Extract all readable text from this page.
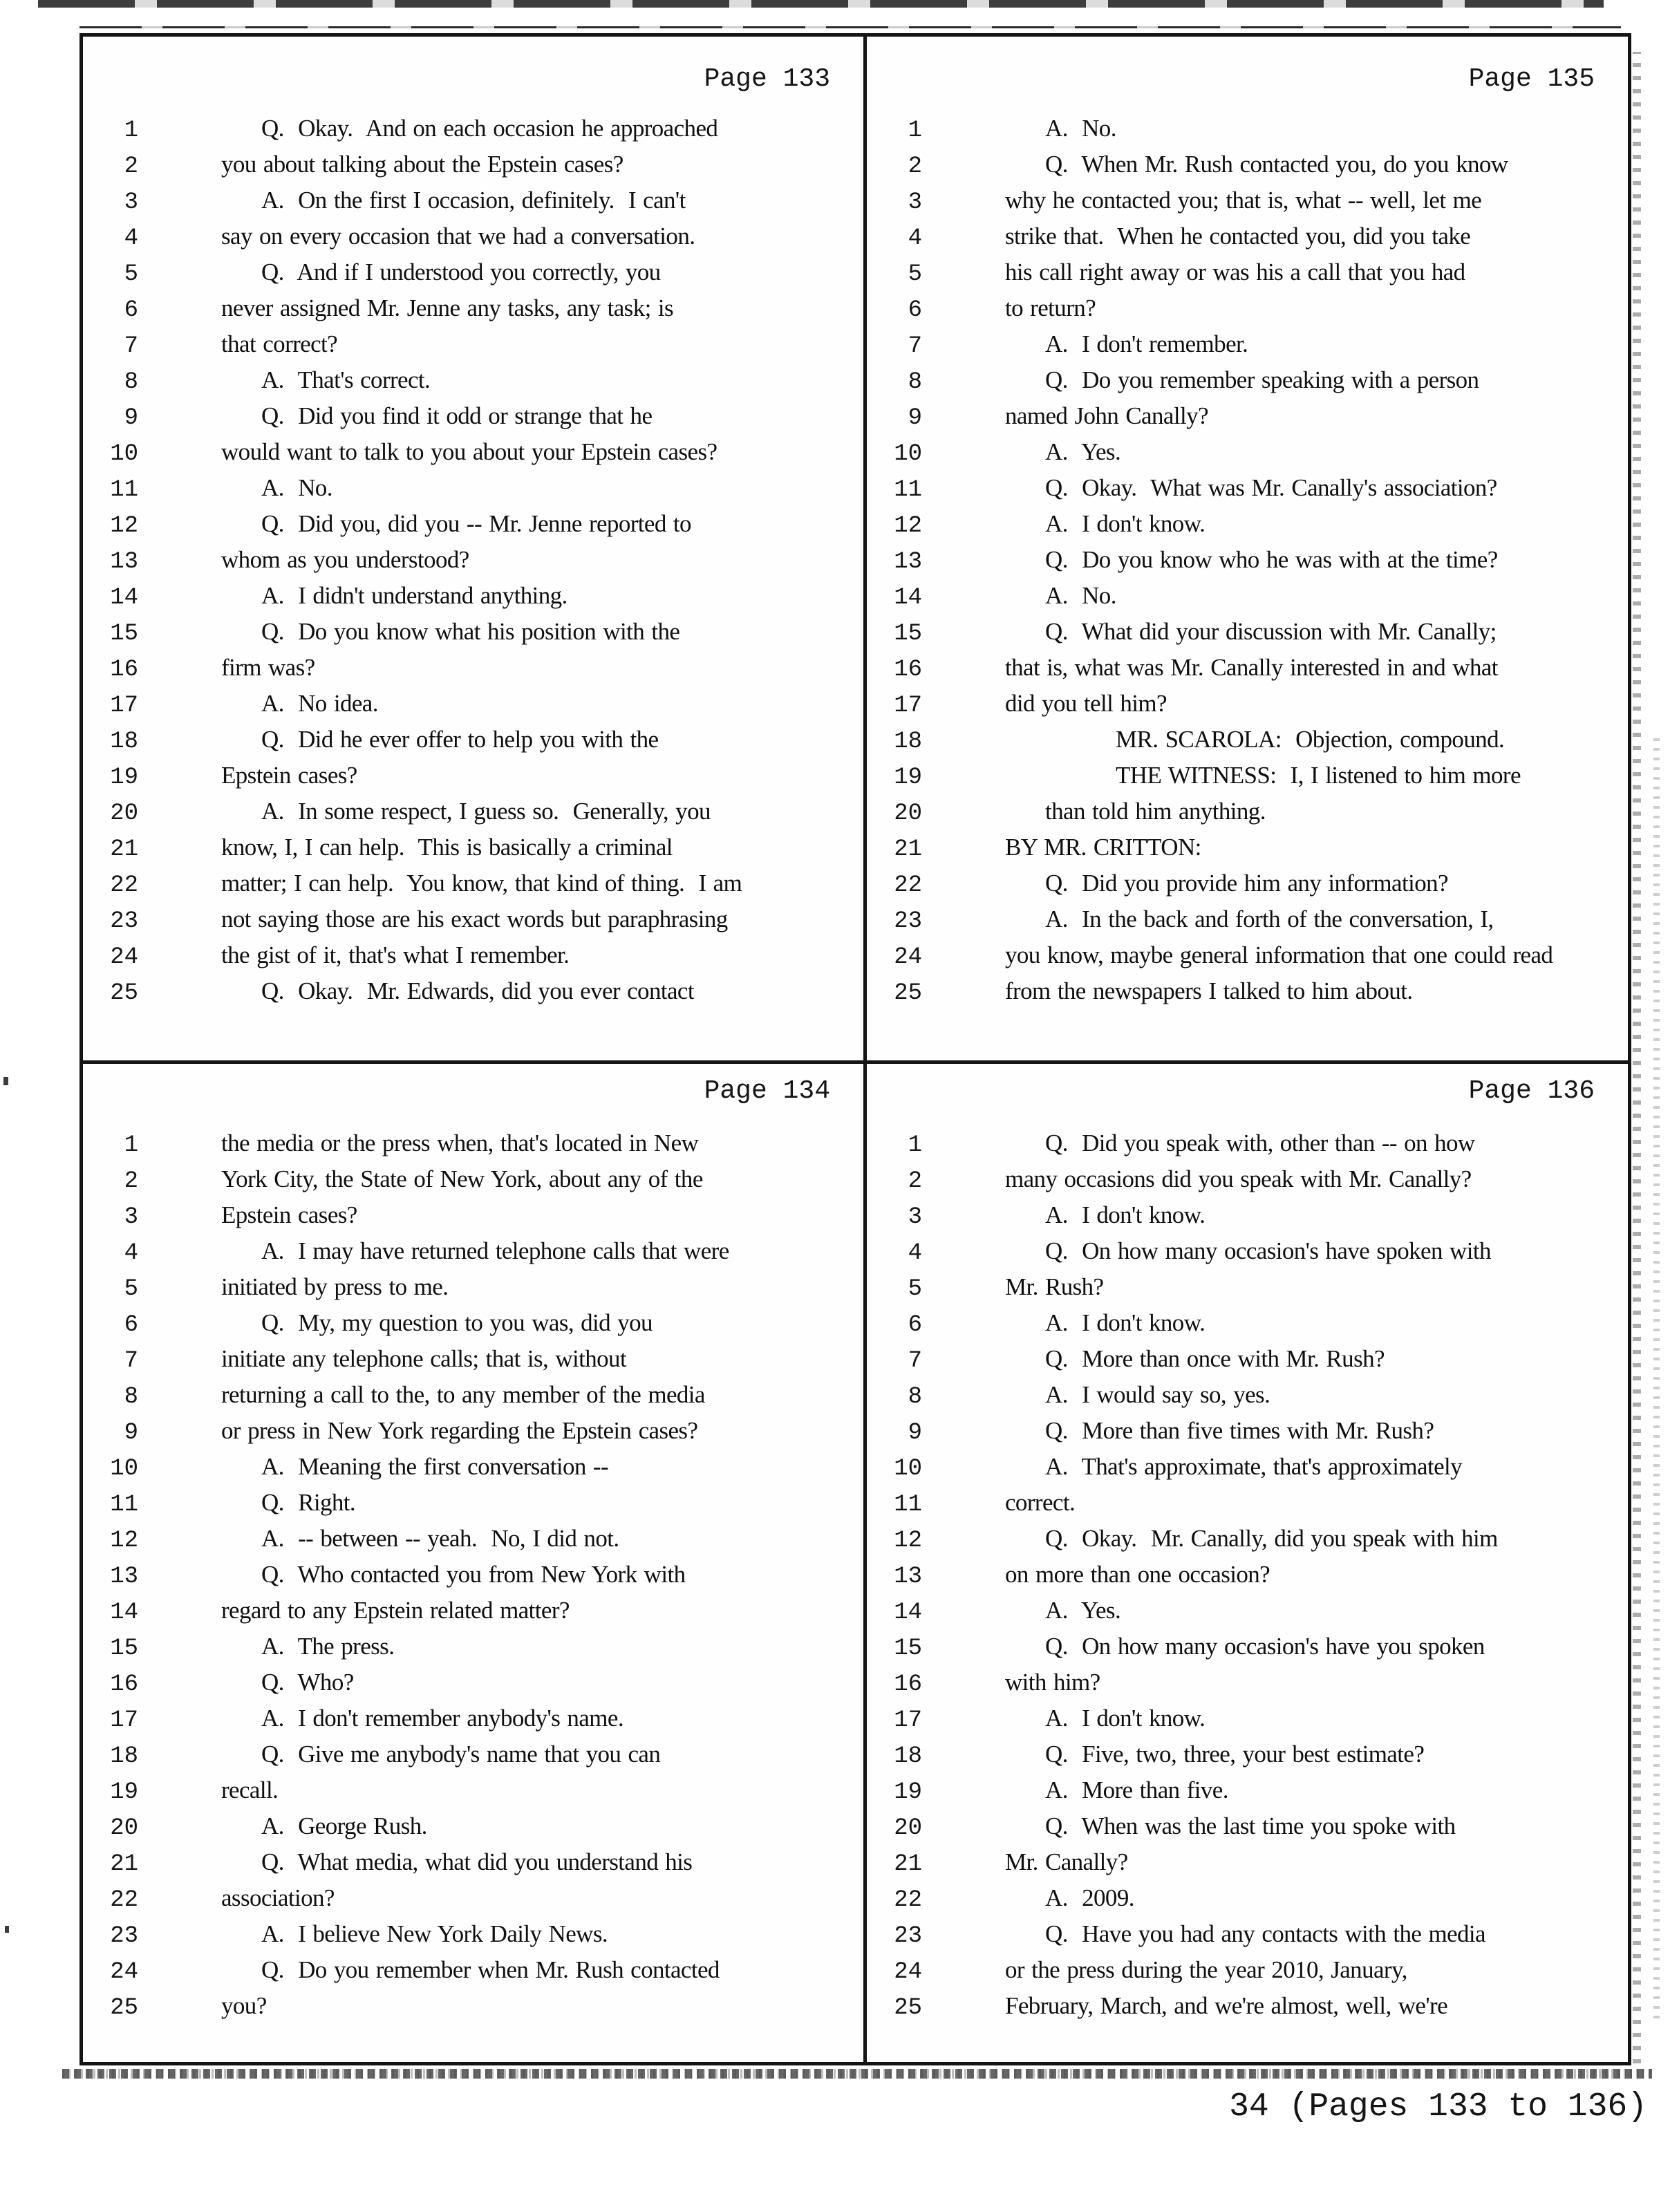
Page 133
1	Q.  Okay.  And on each occasion he approached
2	you about talking about the Epstein cases?
3	A.  On the first I occasion, definitely.  I can't
4	say on every occasion that we had a conversation.
5	Q.  And if I understood you correctly, you
6	never assigned Mr. Jenne any tasks, any task; is
7	that correct?
8	A.  That's correct.
9	Q.  Did you find it odd or strange that he
10	would want to talk to you about your Epstein cases?
11	A.  No.
12	Q.  Did you, did you -- Mr. Jenne reported to
13	whom as you understood?
14	A.  I didn't understand anything.
15	Q.  Do you know what his position with the
16	firm was?
17	A.  No idea.
18	Q.  Did he ever offer to help you with the
19	Epstein cases?
20	A.  In some respect, I guess so.  Generally, you
21	know, I, I can help.  This is basically a criminal
22	matter; I can help.  You know, that kind of thing.  I am
23	not saying those are his exact words but paraphrasing
24	the gist of it, that's what I remember.
25	Q.  Okay.  Mr. Edwards, did you ever contact
Page 135
1	A.  No.
2	Q.  When Mr. Rush contacted you, do you know
3	why he contacted you; that is, what -- well, let me
4	strike that.  When he contacted you, did you take
5	his call right away or was his a call that you had
6	to return?
7	A.  I don't remember.
8	Q.  Do you remember speaking with a person
9	named John Canally?
10	A.  Yes.
11	Q.  Okay.  What was Mr. Canally's association?
12	A.  I don't know.
13	Q.  Do you know who he was with at the time?
14	A.  No.
15	Q.  What did your discussion with Mr. Canally;
16	that is, what was Mr. Canally interested in and what
17	did you tell him?
18	MR. SCAROLA:  Objection, compound.
19	THE WITNESS:  I, I listened to him more
20	than told him anything.
21	BY MR. CRITTON:
22	Q.  Did you provide him any information?
23	A.  In the back and forth of the conversation, I,
24	you know, maybe general information that one could read
25	from the newspapers I talked to him about.
Page 134
1	the media or the press when, that's located in New
2	York City, the State of New York, about any of the
3	Epstein cases?
4	A.  I may have returned telephone calls that were
5	initiated by press to me.
6	Q.  My, my question to you was, did you
7	initiate any telephone calls; that is, without
8	returning a call to the, to any member of the media
9	or press in New York regarding the Epstein cases?
10	A.  Meaning the first conversation --
11	Q.  Right.
12	A.  -- between -- yeah.  No, I did not.
13	Q.  Who contacted you from New York with
14	regard to any Epstein related matter?
15	A.  The press.
16	Q.  Who?
17	A.  I don't remember anybody's name.
18	Q.  Give me anybody's name that you can
19	recall.
20	A.  George Rush.
21	Q.  What media, what did you understand his
22	association?
23	A.  I believe New York Daily News.
24	Q.  Do you remember when Mr. Rush contacted
25	you?
Page 136
1	Q.  Did you speak with, other than -- on how
2	many occasions did you speak with Mr. Canally?
3	A.  I don't know.
4	Q.  On how many occasion's have spoken with
5	Mr. Rush?
6	A.  I don't know.
7	Q.  More than once with Mr. Rush?
8	A.  I would say so, yes.
9	Q.  More than five times with Mr. Rush?
10	A.  That's approximate, that's approximately
11	correct.
12	Q.  Okay.  Mr. Canally, did you speak with him
13	on more than one occasion?
14	A.  Yes.
15	Q.  On how many occasion's have you spoken
16	with him?
17	A.  I don't know.
18	Q.  Five, two, three, your best estimate?
19	A.  More than five.
20	Q.  When was the last time you spoke with
21	Mr. Canally?
22	A.  2009.
23	Q.  Have you had any contacts with the media
24	or the press during the year 2010, January,
25	February, March, and we're almost, well, we're
34 (Pages 133 to 136)
